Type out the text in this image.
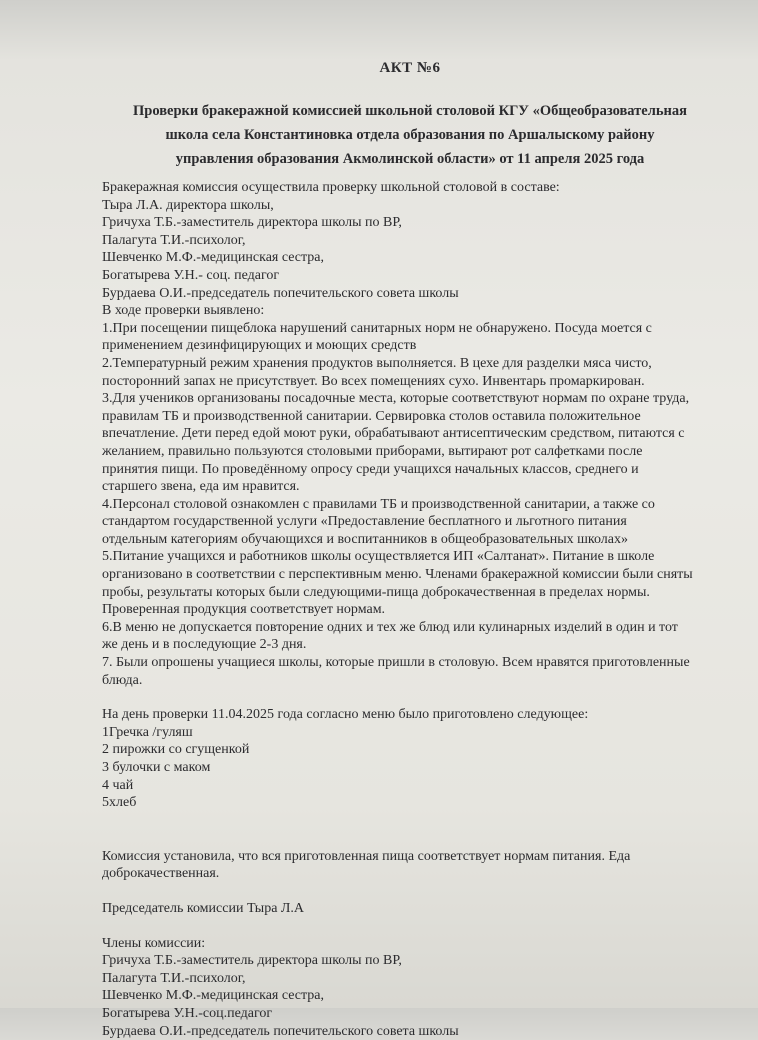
АКТ №6
Проверки бракеражной комиссией школьной столовой КГУ «Общеобразовательная
школа села Константиновка отдела образования по Аршалыскому району
управления образования Акмолинской области» от 11 апреля 2025 года
Бракеражная комиссия осуществила проверку школьной столовой в составе:
Тыра Л.А. директора школы,
Гричуха Т.Б.-заместитель директора школы по ВР,
Палагута Т.И.-психолог,
Шевченко М.Ф.-медицинская сестра,
Богатырева У.Н.- соц. педагог
Бурдаева О.И.-председатель попечительского совета школы
В ходе проверки выявлено:
1.При посещении пищеблока нарушений санитарных норм не обнаружено. Посуда моется с
применением дезинфицирующих и моющих средств
2.Температурный режим хранения продуктов выполняется. В цехе для разделки мяса чисто,
посторонний запах не присутствует. Во всех помещениях сухо. Инвентарь промаркирован.
3.Для учеников организованы посадочные места, которые соответствуют нормам по охране труда,
правилам ТБ и производственной санитарии. Сервировка столов оставила положительное
впечатление. Дети перед едой моют руки, обрабатывают антисептическим средством, питаются с
желанием, правильно пользуются столовыми приборами, вытирают рот салфетками после
принятия пищи. По проведённому опросу среди учащихся начальных классов, среднего и
старшего звена, еда им нравится.
4.Персонал столовой ознакомлен с правилами ТБ и производственной санитарии, а также со
стандартом государственной услуги «Предоставление бесплатного и льготного питания
отдельным категориям обучающихся и воспитанников в общеобразовательных школах»
5.Питание учащихся и работников школы осуществляется ИП «Салтанат». Питание в школе
организовано в соответствии с перспективным меню. Членами бракеражной комиссии были сняты
пробы, результаты которых были следующими-пища доброкачественная в пределах нормы.
Проверенная продукция соответствует нормам.
6.В меню не допускается повторение одних и тех же блюд или кулинарных изделий в один и тот
же день и в последующие 2-3 дня.
7. Были опрошены учащиеся школы, которые пришли в столовую. Всем нравятся приготовленные
блюда.
На день проверки 11.04.2025 года согласно меню было приготовлено следующее:
1Гречка /гуляш
2 пирожки со сгущенкой
3 булочки с маком
4 чай
5хлеб
Комиссия установила, что вся приготовленная пища соответствует нормам питания. Еда
доброкачественная.
Председатель комиссии Тыра Л.А
Члены комиссии:
Гричуха Т.Б.-заместитель директора школы по ВР,
Палагута Т.И.-психолог,
Шевченко М.Ф.-медицинская сестра,
Богатырева У.Н.-соц.педагог
Бурдаева О.И.-председатель попечительского совета школы
